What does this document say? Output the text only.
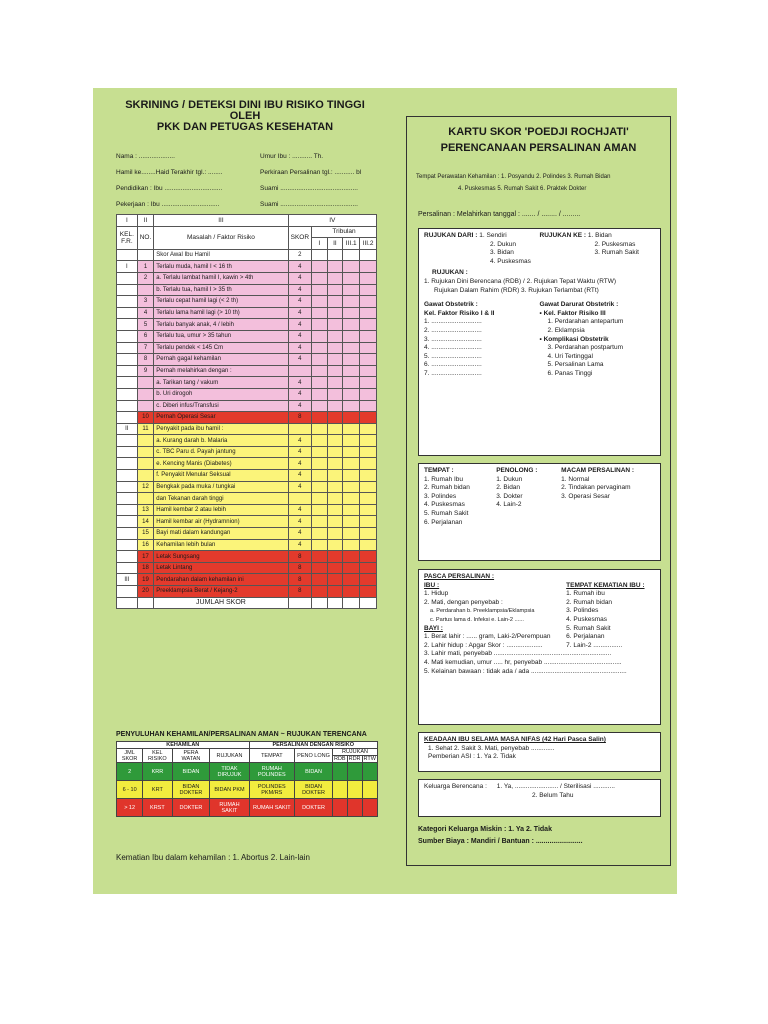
SKRINING / DETEKSI DINI IBU RISIKO TINGGI
OLEH
PKK DAN PETUGAS KESEHATAN
Nama : ....................	Umur Ibu : ........... Th.
Hamil ke........Haid Terakhir tgl.: ........	Perkiraan Persalinan tgl.: ........... bl
Pendidikan : Ibu ................................	Suami ...........................................
Pekerjaan : Ibu ................................	Suami ...........................................
I	II	III	IV				
KEL. F.R.	NO.	Masalah / Faktor Risiko	SKOR	Tribulan			
				I	II	III.1	III.2
		Skor Awal Ibu Hamil	2				
I	1	Terlalu muda, hamil I < 16 th	4				
	2	a. Terlalu lambat hamil I, kawin > 4th	4				
		b. Terlalu tua, hamil I > 35 th	4				
	3	Terlalu cepat hamil lagi (< 2 th)	4				
	4	Terlalu lama hamil lagi (> 10 th)	4				
	5	Terlalu banyak anak, 4 / lebih	4				
	6	Terlalu tua, umur > 35 tahun	4				
	7	Terlalu pendek < 145 Cm	4				
	8	Pernah gagal kehamilan	4				
	9	Pernah melahirkan dengan :					
		a. Tarikan tang / vakum	4				
		b. Uri dirogoh	4				
		c. Diberi infus/Transfusi	4				
	10	Pernah Operasi Sesar	8				
II	11	Penyakit pada ibu hamil :					
		a. Kurang darah b. Malaria	4				
		c. TBC Paru d. Payah jantung	4				
		e. Kencing Manis (Diabetes)	4				
		f. Penyakit Menular Seksual	4				
	12	Bengkak pada muka / tungkai	4				
		dan Tekanan darah tinggi					
	13	Hamil kembar 2 atau lebih	4				
	14	Hamil kembar air (Hydramnion)	4				
	15	Bayi mati dalam kandungan	4				
	16	Kehamilan lebih bulan	4				
	17	Letak Sungsang	8				
	18	Letak Lintang	8				
III	19	Pendarahan dalam kehamilan ini	8				
	20	Preeklampsia Berat / Kejang-2	8				
		JUMLAH SKOR					
PENYULUHAN KEHAMILAN/PERSALINAN AMAN ~ RUJUKAN TERENCANA
KEHAMILAN				PERSALINAN DENGAN RISIKO				
JML SKOR	KEL RISIKO	PERA WATAN	RUJUKAN	TEMPAT	PENO LONG	RUJUKAN		
						RDB	RDR	RTW
2	KRR	BIDAN	TIDAK DIRUJUK	RUMAH POLINDES	BIDAN			
6 - 10	KRT	BIDAN DOKTER	BIDAN PKM	POLINDES PKM/RS	BIDAN DOKTER			
> 12	KRST	DOKTER	RUMAH SAKIT	RUMAH SAKIT	DOKTER			
Kematian Ibu dalam kehamilan : 1. Abortus 2. Lain-lain
KARTU SKOR 'POEDJI ROCHJATI'
PERENCANAAN PERSALINAN AMAN
Tempat Perawatan Kehamilan : 1. Posyandu 2. Polindes 3. Rumah Bidan
4. Puskesmas 5. Rumah Sakit 6. Praktek Dokter
Persalinan : Melahirkan tanggal : ....... / ........ / .........
RUJUKAN DARI : 1. Sendiri
2. Dukun
3. Bidan
4. Puskesmas
RUJUKAN KE : 1. Bidan
2. Puskesmas
3. Rumah Sakit
RUJUKAN :
1. Rujukan Dini Berencana (RDB) / 2. Rujukan Tepat Waktu (RTW)
Rujukan Dalam Rahim (RDR) 3. Rujukan Terlambat (RTt)
Gawat Obstetrik :
Kel. Faktor Risiko I & II
1. ............................
2. ............................
3. ............................
4. ............................
5. ............................
6. ............................
7. ............................
Gawat Darurat Obstetrik :
• Kel. Faktor Risiko III
1. Perdarahan antepartum
2. Eklampsia
• Komplikasi Obstetrik
3. Perdarahan postpartum
4. Uri Tertinggal
5. Persalinan Lama
6. Panas Tinggi
TEMPAT :
1. Rumah Ibu
2. Rumah bidan
3. Polindes
4. Puskesmas
5. Rumah Sakit
6. Perjalanan
PENOLONG :
1. Dukun
2. Bidan
3. Dokter
4. Lain-2
MACAM PERSALINAN :
1. Normal
2. Tindakan pervaginam
3. Operasi Sesar
PASCA PERSALINAN :
IBU :
1. Hidup
2. Mati, dengan penyebab :
a. Perdarahan b. Preeklampsia/Eklampsia
c. Partus lama d. Infeksi e. Lain-2 ......
TEMPAT KEMATIAN IBU :
1. Rumah ibu
2. Rumah bidan
3. Polindes
4. Puskesmas
BAYI :
1. Berat lahir : ...... gram, Laki-2/Perempuan
2. Lahir hidup : Apgar Skor : ....................
5. Rumah Sakit
6. Perjalanan
7. Lain-2 ................
3. Lahir mati, penyebab .................................................................
4. Mati kemudian, umur ..... hr, penyebab ...........................................
5. Kelainan bawaan : tidak ada / ada .....................................................
KEADAAN IBU SELAMA MASA NIFAS (42 Hari Pasca Salin)
1. Sehat 2. Sakit 3. Mati, penyebab .............
Pemberian ASI : 1. Ya 2. Tidak
Keluarga Berencana : 1. Ya, ........................ / Sterilisasi ............
2. Belum Tahu
Kategori Keluarga Miskin : 1. Ya 2. Tidak
Sumber Biaya : Mandiri / Bantuan : ........................
